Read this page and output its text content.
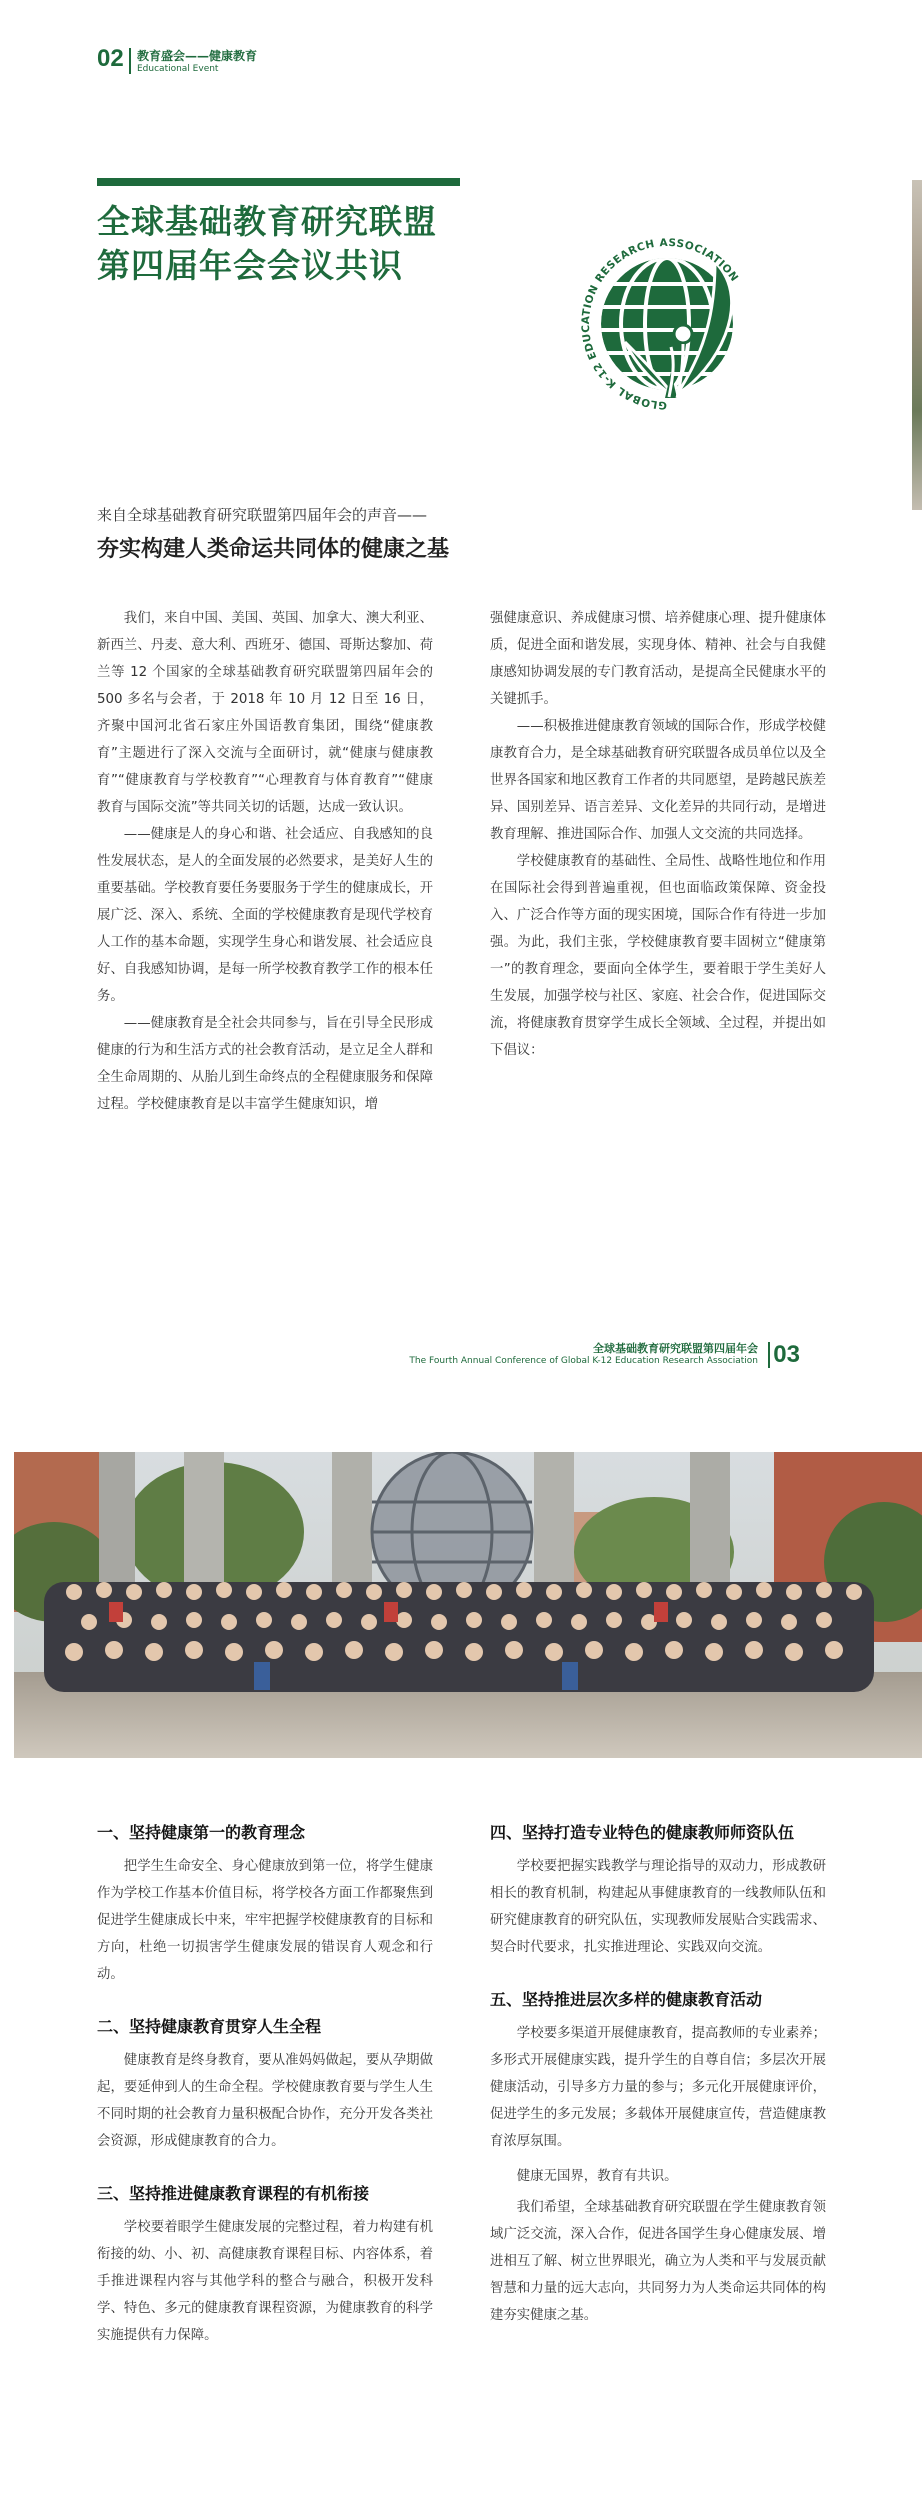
02 教育盛会——健康教育
Educational Event
全球基础教育研究联盟
第四届年会会议共识
GLOBAL K-12 EDUCATION RESEARCH ASSOCIATION
来自全球基础教育研究联盟第四届年会的声音——
夯实构建人类命运共同体的健康之基

我们，来自中国、美国、英国、加拿大、澳大利亚、新西兰、丹麦、意大利、西班牙、德国、哥斯达黎加、荷兰等 12 个国家的全球基础教育研究联盟第四届年会的 500 多名与会者，于 2018 年 10 月 12 日至 16 日，齐聚中国河北省石家庄外国语教育集团，围绕“健康教育”主题进行了深入交流与全面研讨，就“健康与健康教育”“健康教育与学校教育”“心理教育与体育教育”“健康教育与国际交流”等共同关切的话题，达成一致认识。

——健康是人的身心和谐、社会适应、自我感知的良性发展状态，是人的全面发展的必然要求，是美好人生的重要基础。学校教育要任务要服务于学生的健康成长，开展广泛、深入、系统、全面的学校健康教育是现代学校育人工作的基本命题，实现学生身心和谐发展、社会适应良好、自我感知协调，是每一所学校教育教学工作的根本任务。

——健康教育是全社会共同参与，旨在引导全民形成健康的行为和生活方式的社会教育活动，是立足全人群和全生命周期的、从胎儿到生命终点的全程健康服务和保障过程。学校健康教育是以丰富学生健康知识，增

强健康意识、养成健康习惯、培养健康心理、提升健康体质，促进全面和谐发展，实现身体、精神、社会与自我健康感知协调发展的专门教育活动，是提高全民健康水平的关键抓手。

——积极推进健康教育领域的国际合作，形成学校健康教育合力，是全球基础教育研究联盟各成员单位以及全世界各国家和地区教育工作者的共同愿望，是跨越民族差异、国别差异、语言差异、文化差异的共同行动，是增进教育理解、推进国际合作、加强人文交流的共同选择。

学校健康教育的基础性、全局性、战略性地位和作用在国际社会得到普遍重视，但也面临政策保障、资金投入、广泛合作等方面的现实困境，国际合作有待进一步加强。为此，我们主张，学校健康教育要丰固树立“健康第一”的教育理念，要面向全体学生，要着眼于学生美好人生发展，加强学校与社区、家庭、社会合作，促进国际交流，将健康教育贯穿学生成长全领域、全过程，并提出如下倡议：

全球基础教育研究联盟第四届年会
The Fourth Annual Conference of Global K-12 Education Research Association 03
一、坚持健康第一的教育理念
把学生生命安全、身心健康放到第一位，将学生健康作为学校工作基本价值目标，将学校各方面工作都聚焦到促进学生健康成长中来，牢牢把握学校健康教育的目标和方向，杜绝一切损害学生健康发展的错误育人观念和行动。
二、坚持健康教育贯穿人生全程
健康教育是终身教育，要从准妈妈做起，要从孕期做起，要延伸到人的生命全程。学校健康教育要与学生人生不同时期的社会教育力量积极配合协作，充分开发各类社会资源，形成健康教育的合力。
三、坚持推进健康教育课程的有机衔接
学校要着眼学生健康发展的完整过程，着力构建有机衔接的幼、小、初、高健康教育课程目标、内容体系，着手推进课程内容与其他学科的整合与融合，积极开发科学、特色、多元的健康教育课程资源，为健康教育的科学实施提供有力保障。
四、坚持打造专业特色的健康教师师资队伍
学校要把握实践教学与理论指导的双动力，形成教研相长的教育机制，构建起从事健康教育的一线教师队伍和研究健康教育的研究队伍，实现教师发展贴合实践需求、契合时代要求，扎实推进理论、实践双向交流。
五、坚持推进层次多样的健康教育活动
学校要多渠道开展健康教育，提高教师的专业素养；多形式开展健康实践，提升学生的自尊自信；多层次开展健康活动，引导多方力量的参与；多元化开展健康评价，促进学生的多元发展；多载体开展健康宣传，营造健康教育浓厚氛围。
健康无国界，教育有共识。
我们希望，全球基础教育研究联盟在学生健康教育领域广泛交流，深入合作，促进各国学生身心健康发展、增进相互了解、树立世界眼光，确立为人类和平与发展贡献智慧和力量的远大志向，共同努力为人类命运共同体的构建夯实健康之基。
